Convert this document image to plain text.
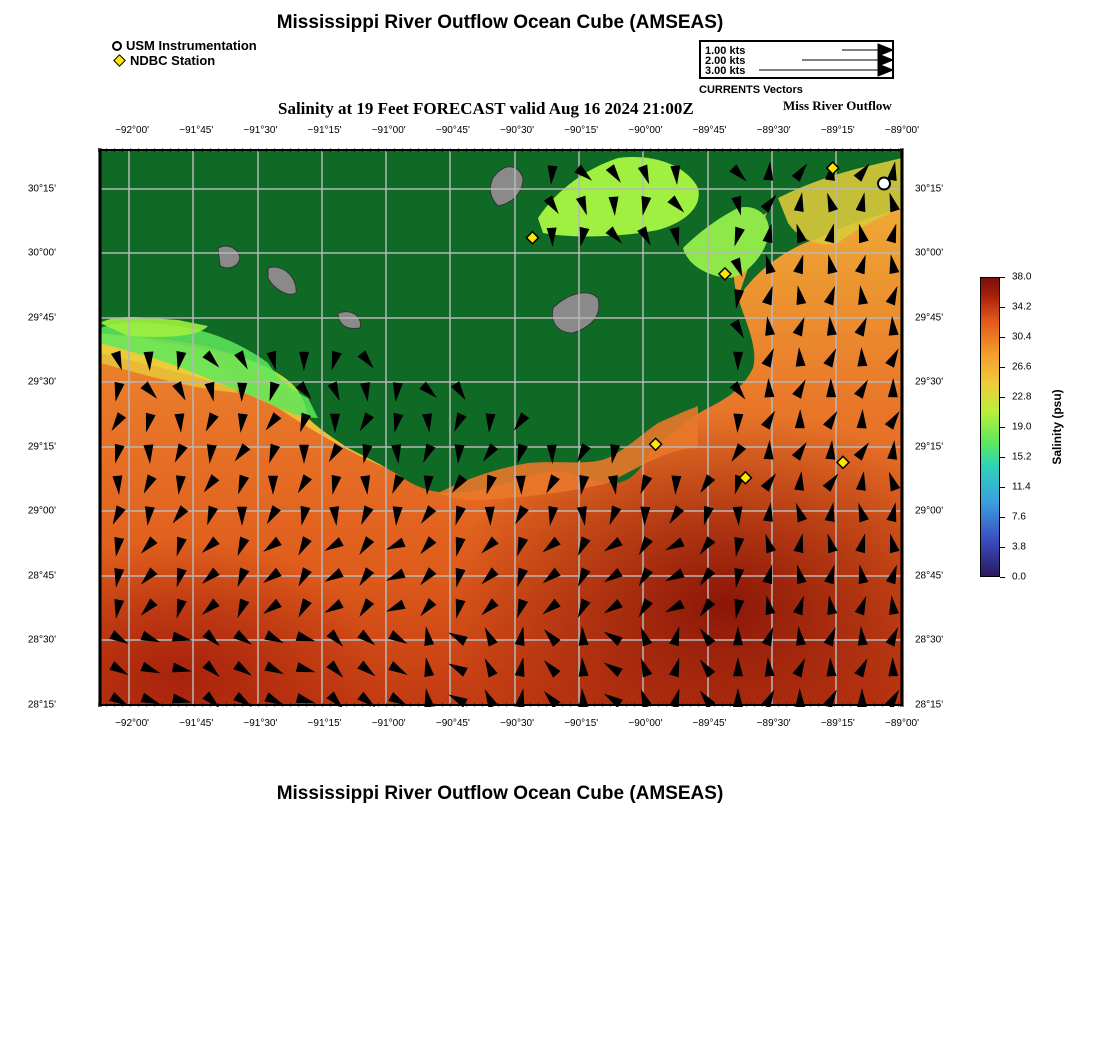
Mississippi River Outflow Ocean Cube (AMSEAS)
USM Instrumentation
NDBC Station
1.00 kts
2.00 kts
3.00 kts
CURRENTS Vectors
Salinity at 19 Feet FORECAST valid Aug 16 2024 21:00Z	Miss River Outflow
−92°00'	−91°45'	−91°30'	−91°15'	−91°00'	−90°45'	−90°30'	−90°15'	−90°00'	−89°45'	−89°30'	−89°15'	−89°00'
−92°00'	−91°45'	−91°30'	−91°15'	−91°00'	−90°45'	−90°30'	−90°15'	−90°00'	−89°45'	−89°30'	−89°15'	−89°00'
30°15'
30°00'
29°45'
29°30'
29°15'
29°00'
28°45'
28°30'
28°15'
30°15'
30°00'
29°45'
29°30'
29°15'
29°00'
28°45'
28°30'
28°15'
38.0
34.2
30.4
26.6
22.8
19.0
15.2
11.4
7.6
3.8
0.0
Salinity (psu)
Mississippi River Outflow Ocean Cube (AMSEAS)
